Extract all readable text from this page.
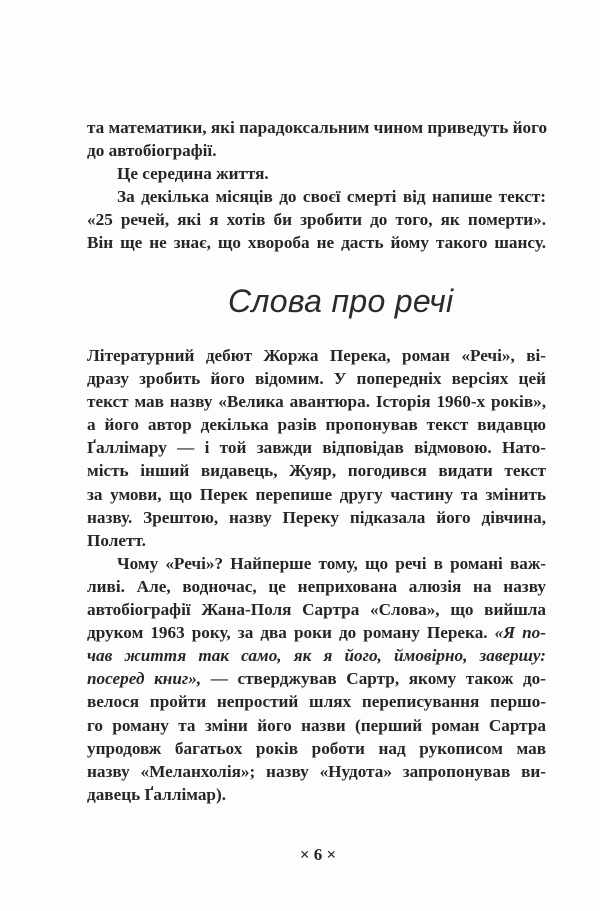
та математики, які парадоксальним чином приведуть його
до автобіографії.
Це середина життя.
За декілька місяців до своєї смерті від напише текст:
«25 речей, які я хотів би зробити до того, як померти».
Він ще не знає, що хвороба не дасть йому такого шансу.
Слова про речі
Літературний дебют Жоржа Перека, роман «Речі», ві-
дразу зробить його відомим. У попередніх версіях цей
текст мав назву «Велика авантюра. Історія 1960-х років»,
а його автор декілька разів пропонував текст видавцю
Ґаллімару — і той завжди відповідав відмовою. Нато-
мість інший видавець, Жуяр, погодився видати текст
за умови, що Перек перепише другу частину та змінить
назву. Зрештою, назву Переку підказала його дівчина,
Полетт.
Чому «Речі»? Найперше тому, що речі в романі важ-
ливі. Але, водночас, це неприхована алюзія на назву
автобіографії Жана-Поля Сартра «Слова», що вийшла
друком 1963 року, за два роки до роману Перека. «Я по-
чав життя так само, як я його, ймовірно, завершу:
посеред книг», — стверджував Сартр, якому також до-
велося пройти непростий шлях переписування першо-
го роману та зміни його назви (перший роман Сартра
упродовж багатьох років роботи над рукописом мав
назву «Меланхолія»; назву «Нудота» запропонував ви-
давець Ґаллімар).
× 6 ×
